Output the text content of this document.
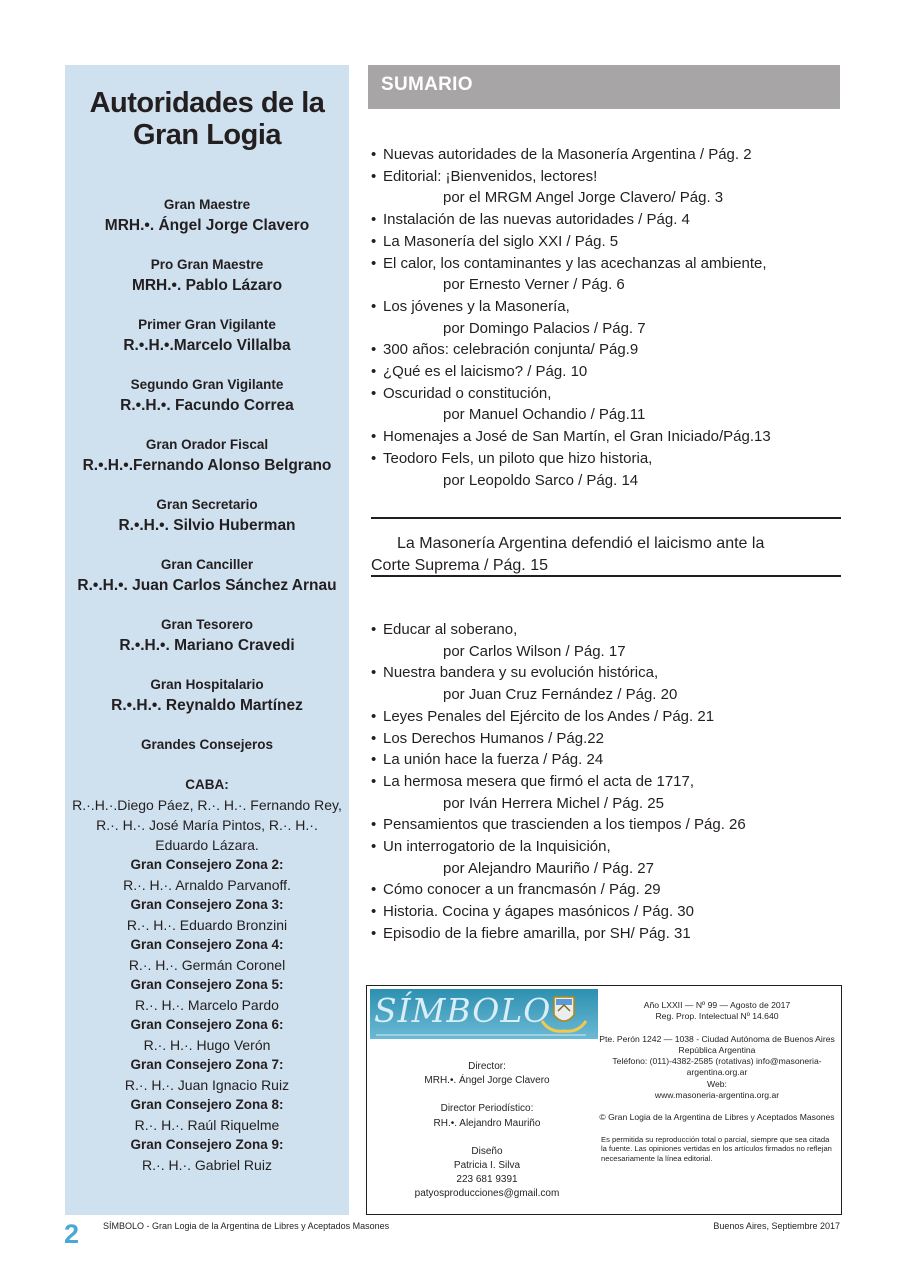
Autoridades de la
Gran Logia
Gran Maestre
MRH.•. Ángel Jorge Clavero
Pro Gran Maestre
MRH.•. Pablo Lázaro
Primer Gran Vigilante
R.•.H.•.Marcelo Villalba
Segundo Gran Vigilante
R.•.H.•. Facundo Correa
Gran Orador Fiscal
R.•.H.•.Fernando Alonso Belgrano
Gran Secretario
R.•.H.•. Silvio Huberman
Gran Canciller
R.•.H.•. Juan Carlos Sánchez Arnau
Gran Tesorero
R.•.H.•. Mariano Cravedi
Gran Hospitalario
R.•.H.•. Reynaldo Martínez
Grandes Consejeros
CABA:
R.·.H.·.Diego Páez, R.·. H.·. Fernando Rey, R.·. H.·. José María Pintos, R.·. H.·. Eduardo Lázara.
Gran Consejero Zona 2:
R.·. H.·. Arnaldo Parvanoff.
Gran Consejero Zona 3:
R.·. H.·. Eduardo Bronzini
Gran Consejero Zona 4:
R.·. H.·. Germán Coronel
Gran Consejero Zona 5:
R.·. H.·. Marcelo Pardo
Gran Consejero Zona 6:
R.·. H.·. Hugo Verón
Gran Consejero Zona 7:
R.·. H.·. Juan Ignacio Ruiz
Gran Consejero Zona 8:
R.·. H.·. Raúl Riquelme
Gran Consejero Zona 9:
R.·. H.·. Gabriel Ruiz
SUMARIO
• Nuevas autoridades de la Masonería Argentina / Pág. 2
• Editorial: ¡Bienvenidos, lectores!
por el MRGM Angel Jorge Clavero/ Pág. 3
• Instalación de las nuevas autoridades / Pág. 4
• La Masonería del siglo XXI / Pág. 5
• El calor, los contaminantes y las acechanzas al ambiente,
por Ernesto Verner / Pág. 6
• Los jóvenes y la Masonería,
por Domingo Palacios / Pág. 7
• 300 años: celebración conjunta/ Pág.9
• ¿Qué es el laicismo? / Pág. 10
• Oscuridad o constitución,
por Manuel Ochandio / Pág.11
• Homenajes a José de San Martín, el Gran Iniciado/Pág.13
• Teodoro Fels, un piloto que hizo historia,
por Leopoldo Sarco / Pág. 14
La Masonería Argentina defendió el laicismo ante la
Corte Suprema / Pág. 15
• Educar al soberano,
por Carlos Wilson / Pág. 17
• Nuestra bandera y su evolución histórica,
por Juan Cruz Fernández / Pág. 20
• Leyes Penales del Ejército de los Andes / Pág. 21
• Los Derechos Humanos / Pág.22
• La unión hace la fuerza / Pág. 24
• La hermosa mesera que firmó el acta de 1717,
por Iván Herrera Michel / Pág. 25
• Pensamientos que trascienden a los tiempos / Pág. 26
• Un interrogatorio de la Inquisición,
por Alejandro Mauriño / Pág. 27
• Cómo conocer a un francmasón / Pág. 29
• Historia. Cocina y ágapes masónicos / Pág. 30
• Episodio de la fiebre amarilla, por SH/ Pág. 31
SÍMBOLO
Director:
MRH.•. Ángel Jorge Clavero
Director Periodístico:
RH.•. Alejandro Mauriño
Diseño
Patricia I. Silva
223 681 9391
patyosproducciones@gmail.com
Año LXXII — Nº 99 — Agosto de 2017
Reg. Prop. Intelectual Nº 14.640
Pte. Perón 1242 — 1038 - Ciudad Autónoma de Buenos Aires
República Argentina
Teléfono: (011)-4382-2585 (rotativas) info@masoneria-argentina.org.ar
Web:
www.masoneria-argentina.org.ar
© Gran Logia de la Argentina de Libres y Aceptados Masones
Es permitida su reproducción total o parcial, siempre que sea citada la fuente. Las opiniones vertidas en los artículos firmados no reflejan necesariamente la línea editorial.
2	SÍMBOLO - Gran Logia de la Argentina de Libres y Aceptados Masones	Buenos Aires, Septiembre 2017
